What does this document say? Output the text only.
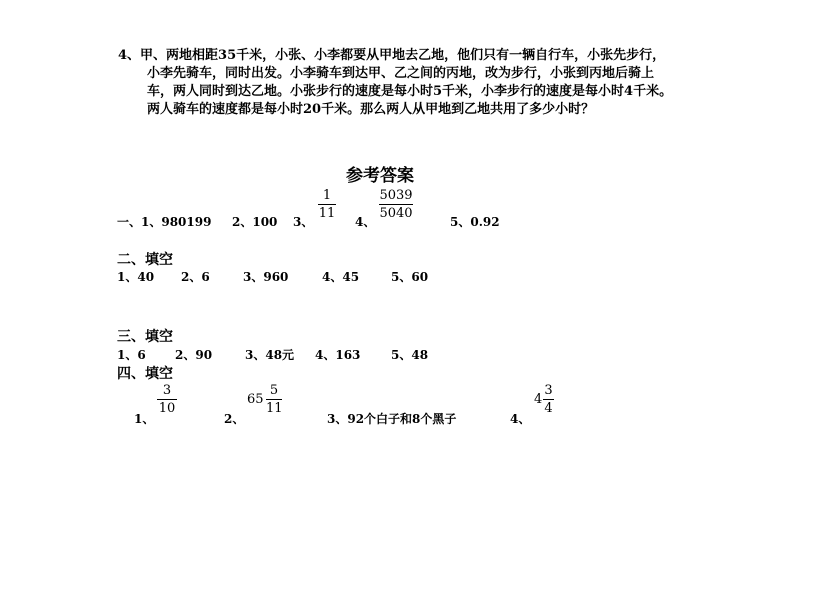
4、甲、两地相距35千米，小张、小李都要从甲地去乙地，他们只有一辆自行车，小张先步行，
小李先骑车，同时出发。小李骑车到达甲、乙之间的丙地，改为步行，小张到丙地后骑上
车，两人同时到达乙地。小张步行的速度是每小时5千米，小李步行的速度是每小时4千米。
两人骑车的速度都是每小时20千米。那么两人从甲地到乙地共用了多少小时？
参考答案
一、1、980199 2、100 3、
1
11
4、
5039
5040
5、0.92
二、填空
1、40 2、6	3、960	4、45	5、60
三、填空
1、6 2、90	3、48元 4、163	5、48
四、填空
1、
3
10
2、
65
5
11
3、92个白子和8个黑子	4、
4
3
4
